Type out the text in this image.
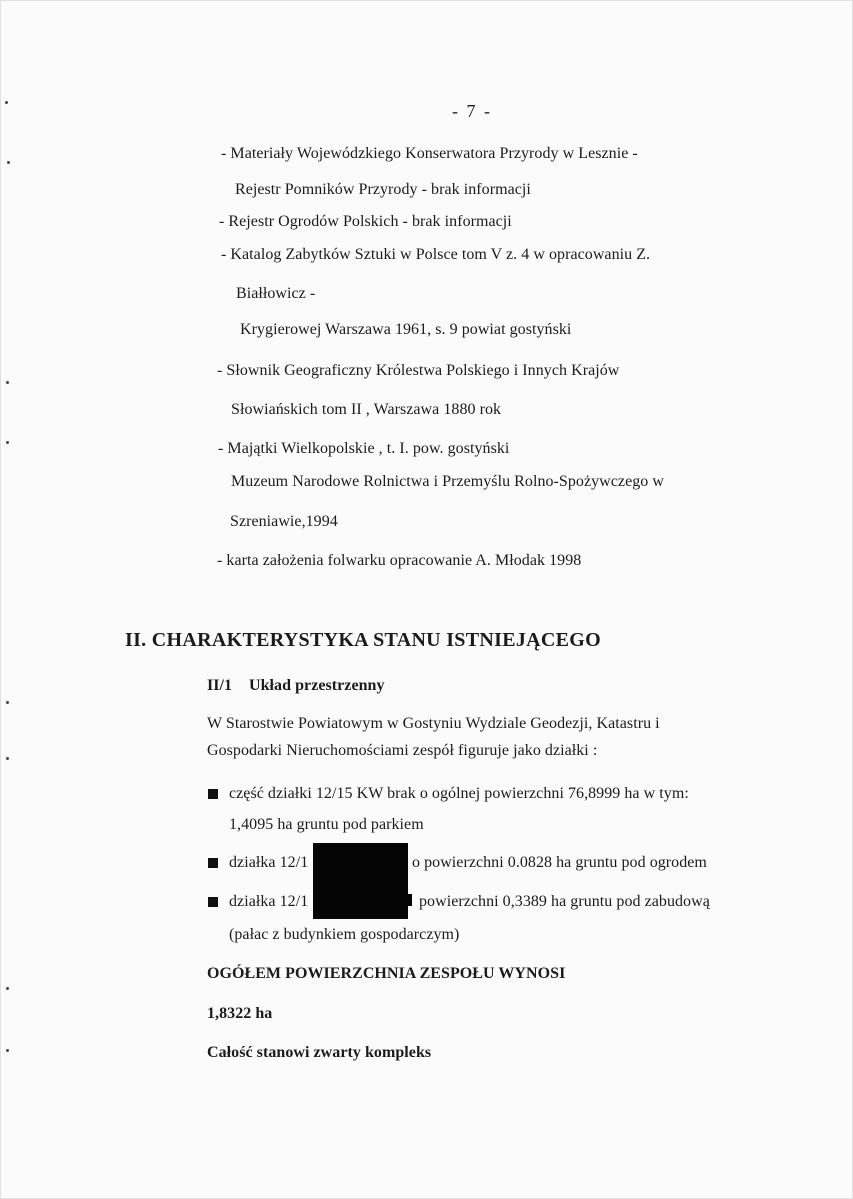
- 7 -
- Materiały Wojewódzkiego Konserwatora Przyrody w Lesznie -
Rejestr Pomników Przyrody - brak informacji
- Rejestr Ogrodów Polskich - brak informacji
- Katalog Zabytków Sztuki w Polsce tom V z. 4 w opracowaniu Z.
Białłowicz -
Krygierowej Warszawa 1961, s. 9 powiat gostyński
- Słownik Geograficzny Królestwa Polskiego i Innych Krajów
Słowiańskich tom II , Warszawa 1880 rok
- Majątki Wielkopolskie , t. I. pow. gostyński
Muzeum Narodowe Rolnictwa i Przemyślu Rolno-Spożywczego w
Szreniawie,1994
- karta założenia folwarku opracowanie A. Młodak 1998
II. CHARAKTERYSTYKA STANU ISTNIEJĄCEGO
II/1 Układ przestrzenny
W Starostwie Powiatowym w Gostyniu Wydziale Geodezji, Katastru i
Gospodarki Nieruchomościami zespół figuruje jako działki :
część działki 12/15 KW brak o ogólnej powierzchni 76,8999 ha w tym:
1,4095 ha gruntu pod parkiem
działka 12/1	o powierzchni 0.0828 ha gruntu pod ogrodem
działka 12/1	powierzchni 0,3389 ha gruntu pod zabudową
(pałac z budynkiem gospodarczym)
OGÓŁEM POWIERZCHNIA ZESPOŁU WYNOSI
1,8322 ha
Całość stanowi zwarty kompleks
